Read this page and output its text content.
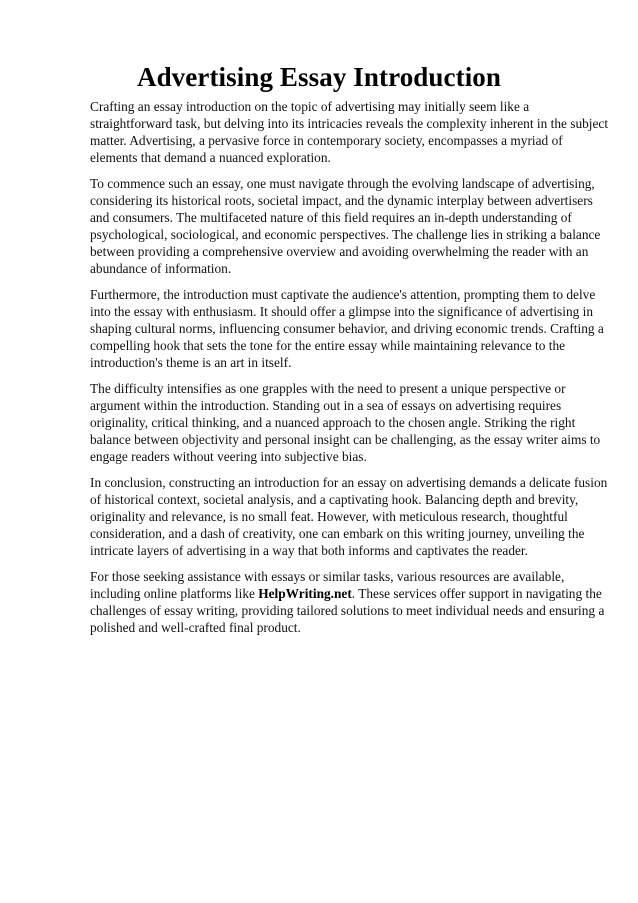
Advertising Essay Introduction

Crafting an essay introduction on the topic of advertising may initially seem like a
straightforward task, but delving into its intricacies reveals the complexity inherent in the subject
matter. Advertising, a pervasive force in contemporary society, encompasses a myriad of
elements that demand a nuanced exploration.

To commence such an essay, one must navigate through the evolving landscape of advertising,
considering its historical roots, societal impact, and the dynamic interplay between advertisers
and consumers. The multifaceted nature of this field requires an in-depth understanding of
psychological, sociological, and economic perspectives. The challenge lies in striking a balance
between providing a comprehensive overview and avoiding overwhelming the reader with an
abundance of information.

Furthermore, the introduction must captivate the audience's attention, prompting them to delve
into the essay with enthusiasm. It should offer a glimpse into the significance of advertising in
shaping cultural norms, influencing consumer behavior, and driving economic trends. Crafting a
compelling hook that sets the tone for the entire essay while maintaining relevance to the
introduction's theme is an art in itself.

The difficulty intensifies as one grapples with the need to present a unique perspective or
argument within the introduction. Standing out in a sea of essays on advertising requires
originality, critical thinking, and a nuanced approach to the chosen angle. Striking the right
balance between objectivity and personal insight can be challenging, as the essay writer aims to
engage readers without veering into subjective bias.

In conclusion, constructing an introduction for an essay on advertising demands a delicate fusion
of historical context, societal analysis, and a captivating hook. Balancing depth and brevity,
originality and relevance, is no small feat. However, with meticulous research, thoughtful
consideration, and a dash of creativity, one can embark on this writing journey, unveiling the
intricate layers of advertising in a way that both informs and captivates the reader.

For those seeking assistance with essays or similar tasks, various resources are available,
including online platforms like HelpWriting.net. These services offer support in navigating the
challenges of essay writing, providing tailored solutions to meet individual needs and ensuring a
polished and well-crafted final product.
